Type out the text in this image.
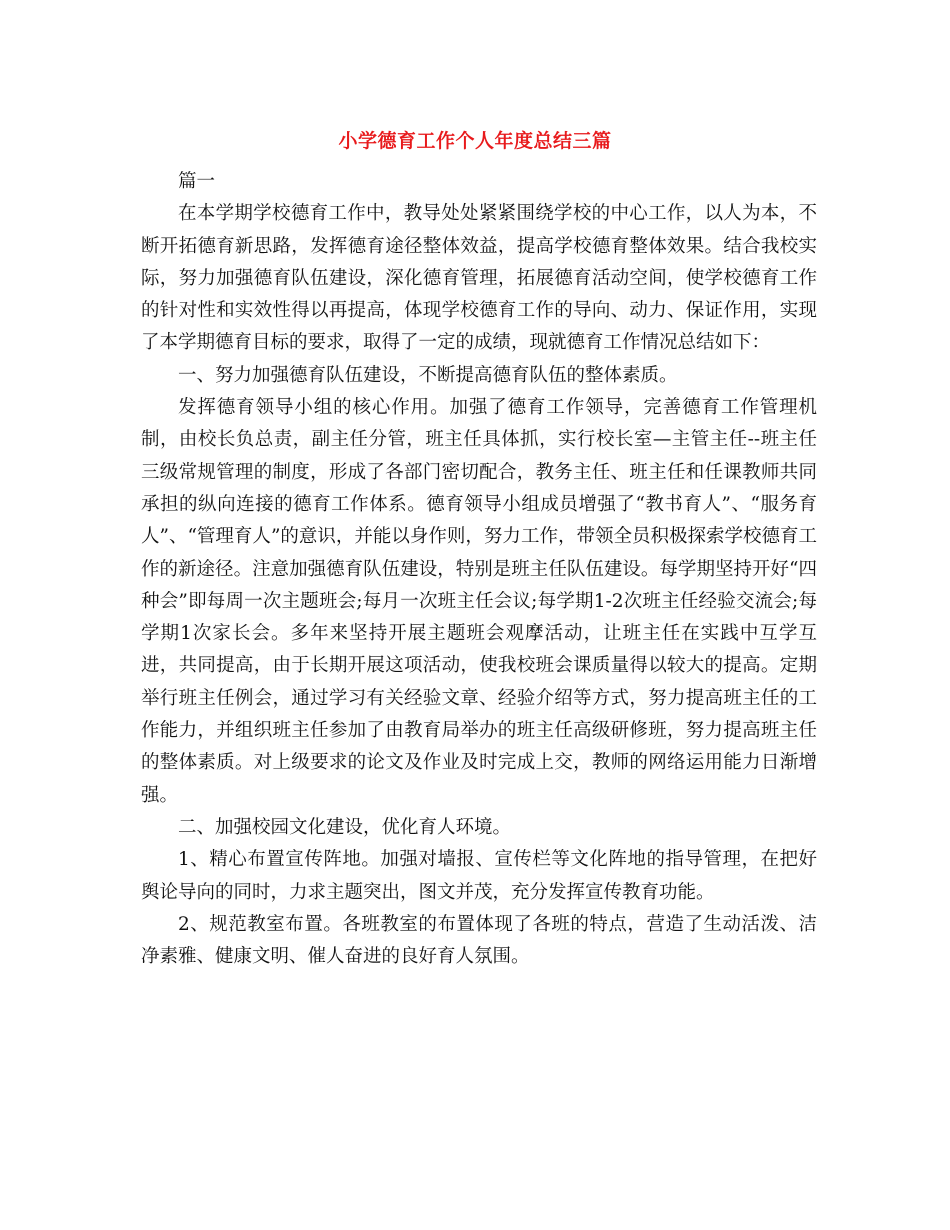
小学德育工作个人年度总结三篇

篇一

在本学期学校德育工作中，教导处处紧紧围绕学校的中心工作，以人为本，不断开拓德育新思路，发挥德育途径整体效益，提高学校德育整体效果。结合我校实际，努力加强德育队伍建设，深化德育管理，拓展德育活动空间，使学校德育工作的针对性和实效性得以再提高，体现学校德育工作的导向、动力、保证作用，实现了本学期德育目标的要求，取得了一定的成绩，现就德育工作情况总结如下：

一、努力加强德育队伍建设，不断提高德育队伍的整体素质。

发挥德育领导小组的核心作用。加强了德育工作领导，完善德育工作管理机制，由校长负总责，副主任分管，班主任具体抓，实行校长室—主管主任--班主任三级常规管理的制度，形成了各部门密切配合，教务主任、班主任和任课教师共同承担的纵向连接的德育工作体系。德育领导小组成员增强了“教书育人”、“服务育人”、“管理育人”的意识，并能以身作则，努力工作，带领全员积极探索学校德育工作的新途径。注意加强德育队伍建设，特别是班主任队伍建设。每学期坚持开好“四种会”即每周一次主题班会;每月一次班主任会议;每学期1-2次班主任经验交流会;每学期1次家长会。多年来坚持开展主题班会观摩活动，让班主任在实践中互学互进，共同提高，由于长期开展这项活动，使我校班会课质量得以较大的提高。定期举行班主任例会，通过学习有关经验文章、经验介绍等方式，努力提高班主任的工作能力，并组织班主任参加了由教育局举办的班主任高级研修班，努力提高班主任的整体素质。对上级要求的论文及作业及时完成上交，教师的网络运用能力日渐增强。

二、加强校园文化建设，优化育人环境。

1、精心布置宣传阵地。加强对墙报、宣传栏等文化阵地的指导管理，在把好舆论导向的同时，力求主题突出，图文并茂，充分发挥宣传教育功能。

2、规范教室布置。各班教室的布置体现了各班的特点，营造了生动活泼、洁净素雅、健康文明、催人奋进的良好育人氛围。
